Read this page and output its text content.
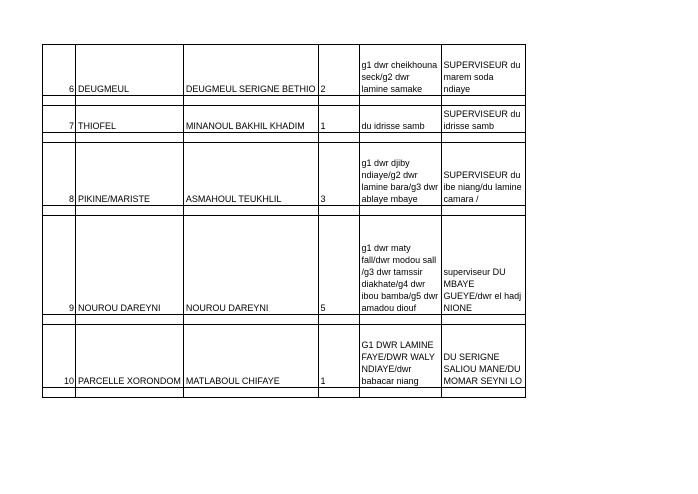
6	DEUGMEUL	DEUGMEUL SERIGNE BETHIO	2	g1 dwr cheikhouna seck/g2 dwr lamine samake	SUPERVISEUR du marem soda ndiaye

7	THIOFEL	MINANOUL BAKHIL KHADIM	1	du idrisse samb	SUPERVISEUR du idrisse samb

8	PIKINE/MARISTE	ASMAHOUL TEUKHLIL	3	g1 dwr djiby ndiaye/g2 dwr lamine bara/g3 dwr ablaye mbaye	SUPERVISEUR du ibe niang/du lamine camara /

9	NOUROU DAREYNI	NOUROU DAREYNI	5	g1 dwr maty fall/dwr modou sall /g3 dwr tamssir diakhate/g4 dwr ibou bamba/g5 dwr amadou diouf	superviseur DU MBAYE GUEYE/dwr el hadj NIONE

10	PARCELLE XORONDOM	MATLABOUL CHIFAYE	1	G1 DWR LAMINE FAYE/DWR WALY NDIAYE/dwr babacar niang	DU SERIGNE SALIOU MANE/DU MOMAR SEYNI LO
